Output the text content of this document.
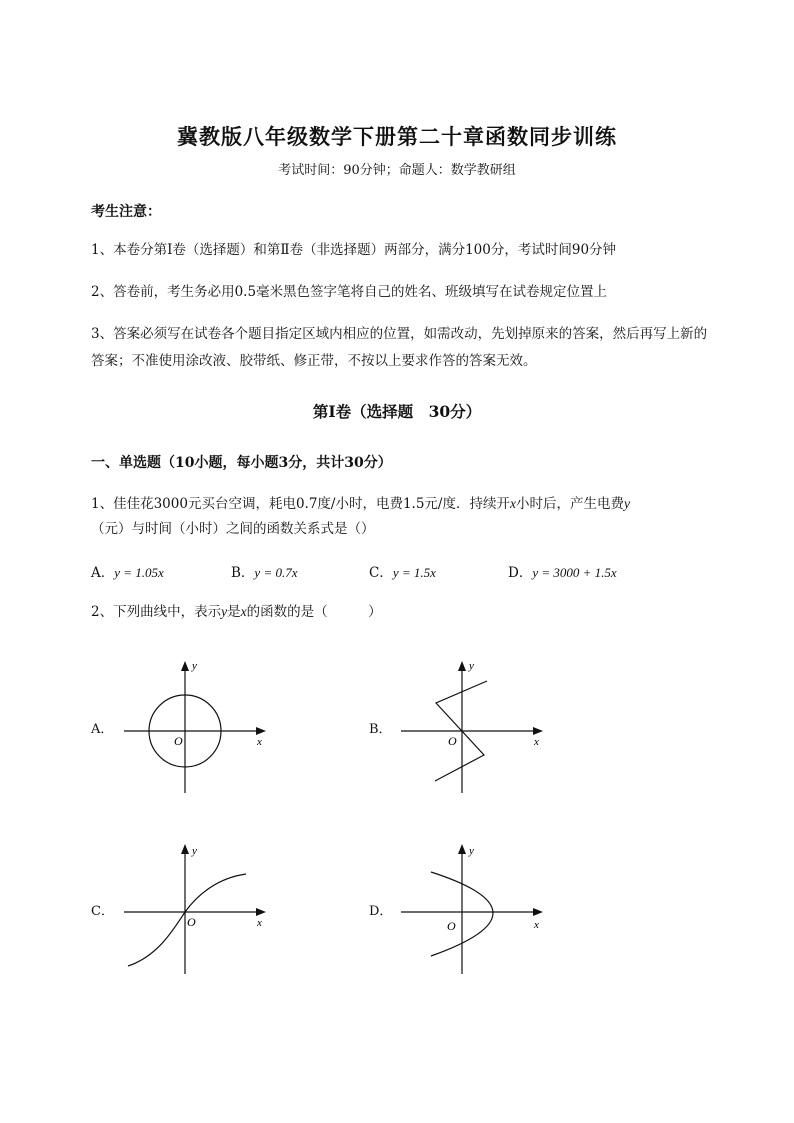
冀教版八年级数学下册第二十章函数同步训练
考试时间：90分钟；命题人：数学教研组
考生注意：
1、本卷分第I卷（选择题）和第Ⅱ卷（非选择题）两部分，满分100分，考试时间90分钟
2、答卷前，考生务必用0.5毫米黑色签字笔将自己的姓名、班级填写在试卷规定位置上
3、答案必须写在试卷各个题目指定区域内相应的位置，如需改动，先划掉原来的答案，然后再写上新的答案；不准使用涂改液、胶带纸、修正带，不按以上要求作答的答案无效。
第I卷（选择题　30分）
一、单选题（10小题，每小题3分，共计30分）
1、佳佳花3000元买台空调，耗电0.7度/小时，电费1.5元/度．持续开x小时后，产生电费y
（元）与时间（小时）之间的函数关系式是（）
A．y = 1.05x	B．y = 0.7x	C．y = 1.5x	D．y = 3000 + 1.5x
2、下列曲线中，表示y是x的函数的是（　　　）
A．
y
x
O
B．
y
x
O
C．
y
x
O
D．
y
x
O
